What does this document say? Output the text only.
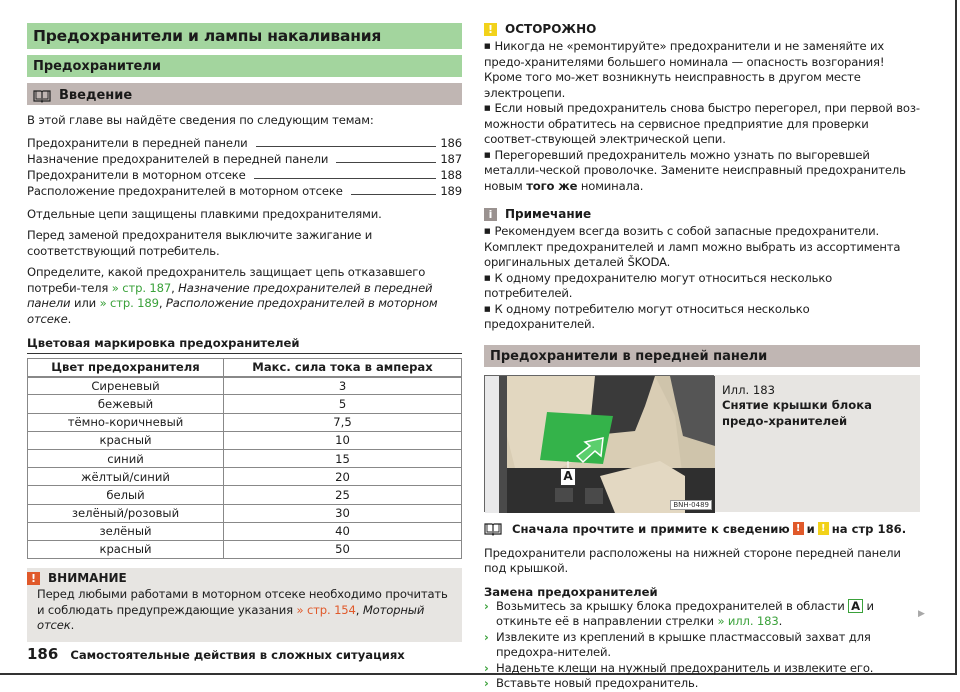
Предохранители и лампы накаливания
Предохранители
Введение
В этой главе вы найдёте сведения по следующим темам:
Предохранители в передней панели	186
Назначение предохранителей в передней панели	187
Предохранители в моторном отсеке	188
Расположение предохранителей в моторном отсеке	189
Отдельные цепи защищены плавкими предохранителями.
Перед заменой предохранителя выключите зажигание и соответствующий потребитель.
Определите, какой предохранитель защищает цепь отказавшего потреби-теля » стр. 187, Назначение предохранителей в передней панели или » стр. 189, Расположение предохранителей в моторном отсеке.
Цветовая маркировка предохранителей
Цвет предохранителя	Макс. сила тока в амперах
Сиреневый	3
бежевый	5
тёмно-коричневый	7,5
красный	10
синий	15
жёлтый/синий	20
белый	25
зелёный/розовый	30
зелёный	40
красный	50
! ВНИМАНИЕ
Перед любыми работами в моторном отсеке необходимо прочитать и соблюдать предупреждающие указания » стр. 154, Моторный отсек.
! ОСТОРОЖНО
■ Никогда не «ремонтируйте» предохранители и не заменяйте их предо-хранителями большего номинала — опасность возгорания! Кроме того мо-жет возникнуть неисправность в другом месте электроцепи.
■ Если новый предохранитель снова быстро перегорел, при первой воз-можности обратитесь на сервисное предприятие для проверки соответ-ствующей электрической цепи.
■ Перегоревший предохранитель можно узнать по выгоревшей металли-ческой проволочке. Замените неисправный предохранитель новым того же номинала.
i	Примечание
■ Рекомендуем всегда возить с собой запасные предохранители. Комплект предохранителей и ламп можно выбрать из ассортимента оригинальных деталей ŠKODA.
■ К одному предохранителю могут относиться несколько потребителей.
■ К одному потребителю могут относиться несколько предохранителей.
Предохранители в передней панели
A
BNH-0489
Илл. 183
Снятие крышки блока предо-хранителей
Сначала прочтите и примите к сведению ! и ! на стр 186.
Предохранители расположены на нижней стороне передней панели под крышкой.
Замена предохранителей
› Возьмитесь за крышку блока предохранителей в области A и откиньте её в направлении стрелки » илл. 183.
› Извлеките из креплений в крышке пластмассовый захват для предохра-нителей.
› Наденьте клещи на нужный предохранитель и извлеките его.
› Вставьте новый предохранитель.
▶
186 Самостоятельные действия в сложных ситуациях
